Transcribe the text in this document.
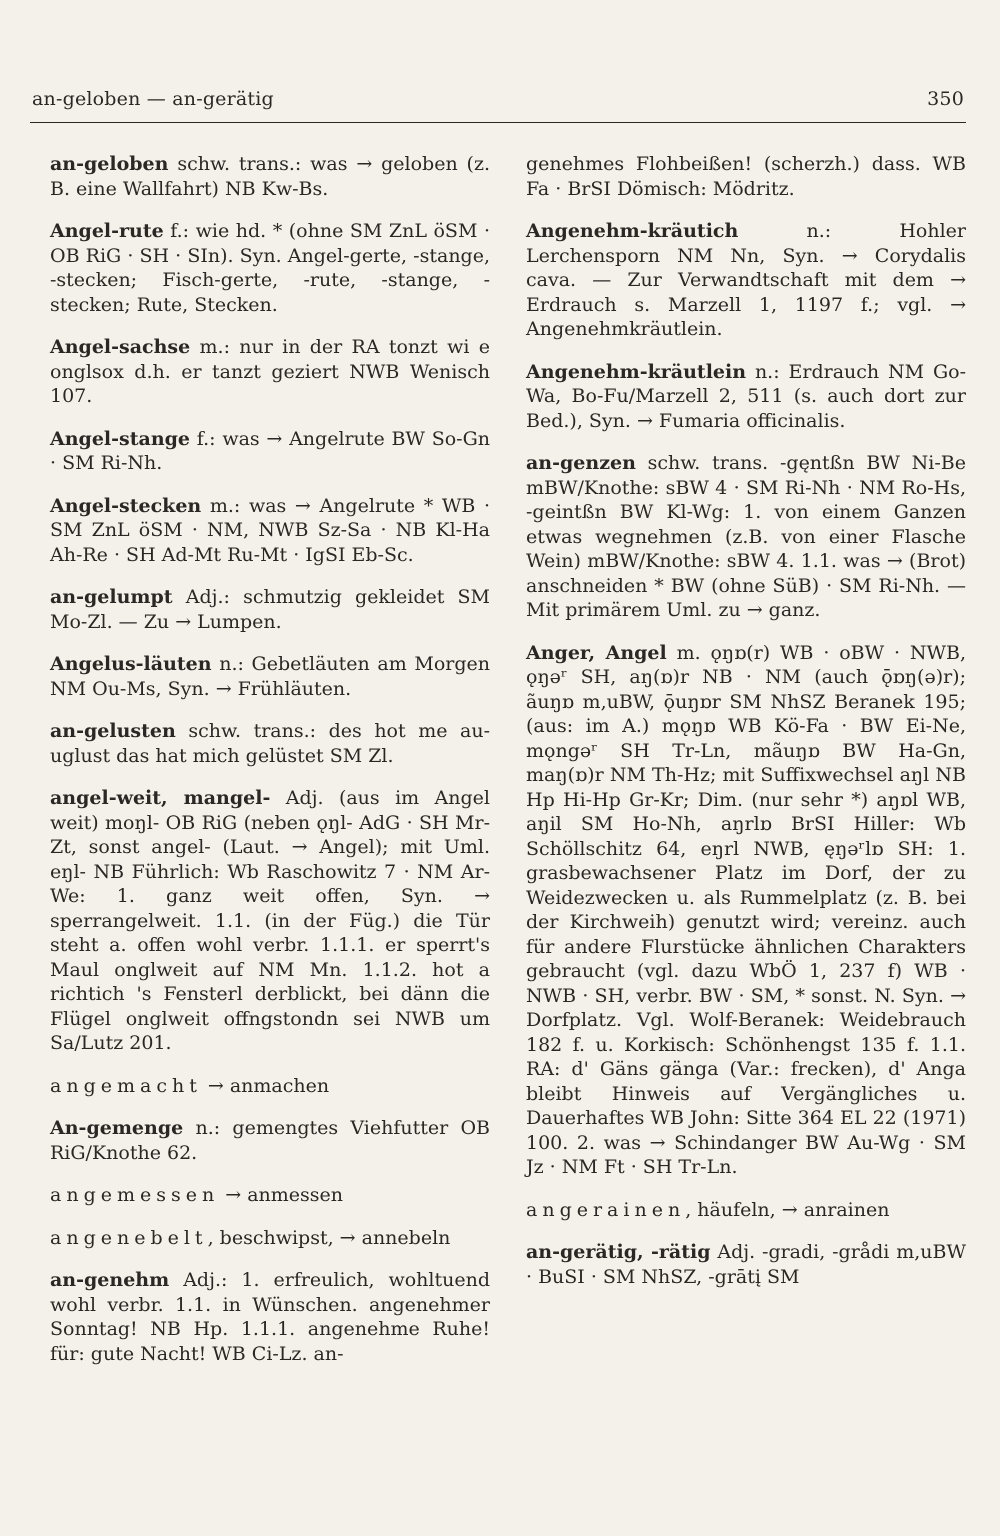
an-geloben — an-gerätig	350

an-geloben schw. trans.: was → geloben (z. B. eine Wallfahrt) NB Kw-Bs.

Angel-rute f.: wie hd. * (ohne SM ZnL öSM · OB RiG · SH · SIn). Syn. Angel-gerte, -stange, -stecken; Fisch-gerte, -rute, -stange, -stecken; Rute, Stecken.

Angel-sachse m.: nur in der RA tonzt wi e onglsox d.h. er tanzt geziert NWB Wenisch 107.

Angel-stange f.: was → Angelrute BW So-Gn · SM Ri-Nh.

Angel-stecken m.: was → Angelrute * WB · SM ZnL öSM · NM, NWB Sz-Sa · NB Kl-Ha Ah-Re · SH Ad-Mt Ru-Mt · IgSI Eb-Sc.

an-gelumpt Adj.: schmutzig gekleidet SM Mo-Zl. — Zu → Lumpen.

Angelus-läuten n.: Gebetläuten am Morgen NM Ou-Ms, Syn. → Frühläuten.

an-gelusten schw. trans.: des hot me au-uglust das hat mich gelüstet SM Zl.

angel-weit, mangel- Adj. (aus im Angel weit) moŋl- OB RiG (neben ǫŋl- AdG · SH Mr-Zt, sonst angel- (Laut. → Angel); mit Uml. eŋl- NB Führlich: Wb Raschowitz 7 · NM Ar-We: 1. ganz weit offen, Syn. → sperrangelweit. 1.1. (in der Füg.) die Tür steht a. offen wohl verbr. 1.1.1. er sperrt's Maul onglweit auf NM Mn. 1.1.2. hot a richtich 's Fensterl derblickt, bei dänn die Flügel onglweit offngstondn sei NWB um Sa/Lutz 201.

angemacht → anmachen

An-gemenge n.: gemengtes Viehfutter OB RiG/Knothe 62.

angemessen → anmessen

angenebelt, beschwipst, → annebeln

an-genehm Adj.: 1. erfreulich, wohltuend wohl verbr. 1.1. in Wünschen. angenehmer Sonntag! NB Hp. 1.1.1. angenehme Ruhe! für: gute Nacht! WB Ci-Lz. an-

genehmes Flohbeißen! (scherzh.) dass. WB Fa · BrSI Dömisch: Mödritz.

Angenehm-kräutich n.: Hohler Lerchensporn NM Nn, Syn. → Corydalis cava. — Zur Verwandtschaft mit dem → Erdrauch s. Marzell 1, 1197 f.; vgl. → Angenehmkräutlein.

Angenehm-kräutlein n.: Erdrauch NM Go-Wa, Bo-Fu/Marzell 2, 511 (s. auch dort zur Bed.), Syn. → Fumaria officinalis.

an-genzen schw. trans. -gęntßn BW Ni-Be mBW/Knothe: sBW 4 · SM Ri-Nh · NM Ro-Hs, -geintßn BW Kl-Wg: 1. von einem Ganzen etwas wegnehmen (z.B. von einer Flasche Wein) mBW/Knothe: sBW 4. 1.1. was → (Brot) anschneiden * BW (ohne SüB) · SM Ri-Nh. — Mit primärem Uml. zu → ganz.

Anger, Angel m. ǫŋɒ(r) WB · oBW · NWB, ǫŋəʳ SH, aŋ(ɒ)r NB · NM (auch ǭɒŋ(ə)r); ãuŋɒ m,uBW, ǭuŋɒr SM NhSZ Beranek 195; (aus: im A.) mǫŋɒ WB Kö-Fa · BW Ei-Ne, mǫngəʳ SH Tr-Ln, mãuŋɒ BW Ha-Gn, maŋ(ɒ)r NM Th-Hz; mit Suffixwechsel aŋl NB Hp Hi-Hp Gr-Kr; Dim. (nur sehr *) aŋɒl WB, aŋil SM Ho-Nh, aŋrlɒ BrSI Hiller: Wb Schöllschitz 64, eŋrl NWB, ęŋəʳlɒ SH: 1. grasbewachsener Platz im Dorf, der zu Weidezwecken u. als Rummelplatz (z. B. bei der Kirchweih) genutzt wird; vereinz. auch für andere Flurstücke ähnlichen Charakters gebraucht (vgl. dazu WbÖ 1, 237 f) WB · NWB · SH, verbr. BW · SM, * sonst. N. Syn. → Dorfplatz. Vgl. Wolf-Beranek: Weidebrauch 182 f. u. Korkisch: Schönhengst 135 f. 1.1. RA: d' Gäns gänga (Var.: frecken), d' Anga bleibt Hinweis auf Vergängliches u. Dauerhaftes WB John: Sitte 364 EL 22 (1971) 100. 2. was → Schindanger BW Au-Wg · SM Jz · NM Ft · SH Tr-Ln.

angerainen, häufeln, → anrainen

an-gerätig, -rätig Adj. -gradi, -grådi m,uBW · BuSI · SM NhSZ, -grātį SM
